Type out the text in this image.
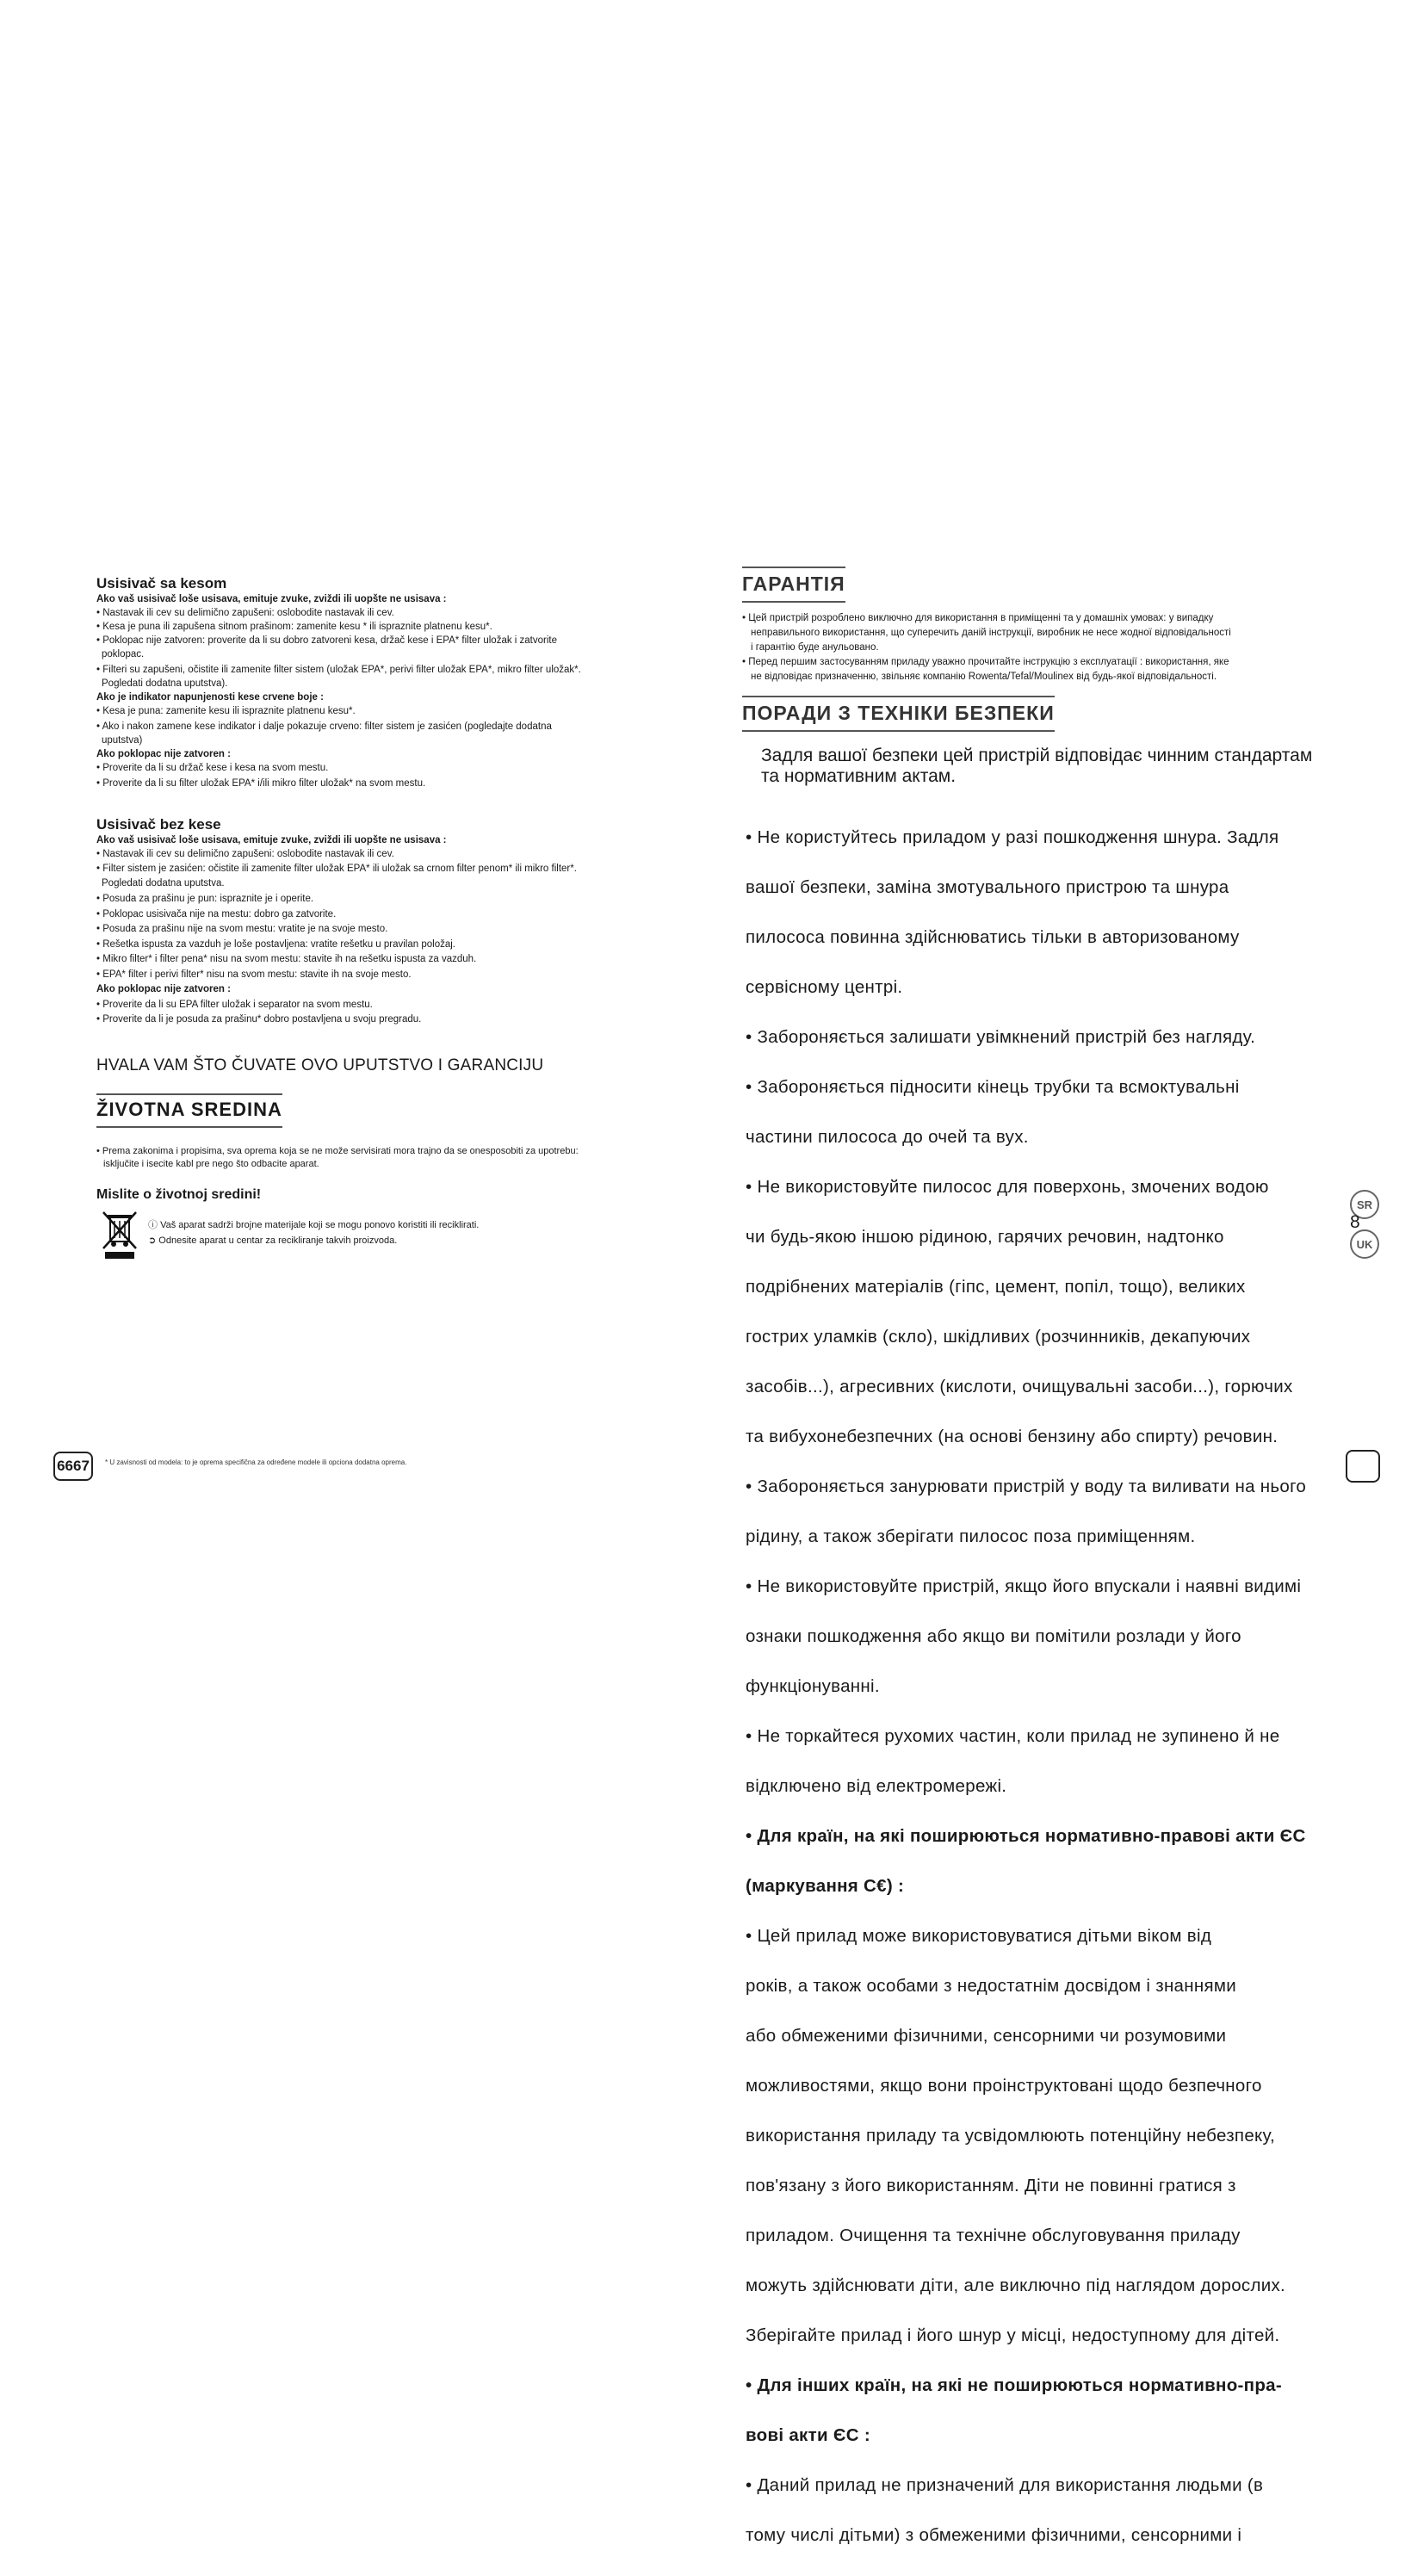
Usisivač sa kesom
Ako vaš usisivač loše usisava, emituje zvuke, zviždi ili uopšte ne usisava :
• Nastavak ili cev su delimično zapušeni: oslobodite nastavak ili cev.
• Kesa je puna ili zapušena sitnom prašinom: zamenite kesu * ili ispraznite platnenu kesu*.
• Poklopac nije zatvoren: proverite da li su dobro zatvoreni kesa, držač kese i EPA* filter uložak i zatvorite
poklopac.
• Filteri su zapušeni, očistite ili zamenite filter sistem (uložak EPA*, perivi filter uložak EPA*, mikro filter uložak*.
Pogledati dodatna uputstva).
Ako je indikator napunjenosti kese crvene boje :
• Kesa je puna: zamenite kesu ili ispraznite platnenu kesu*.
• Ako i nakon zamene kese indikator i dalje pokazuje crveno: filter sistem je zasićen (pogledajte dodatna
uputstva)
Ako poklopac nije zatvoren :
• Proverite da li su držač kese i kesa na svom mestu.
• Proverite da li su filter uložak EPA* i/ili mikro filter uložak* na svom mestu.
Usisivač bez kese
Ako vaš usisivač loše usisava, emituje zvuke, zviždi ili uopšte ne usisava :
• Nastavak ili cev su delimično zapušeni: oslobodite nastavak ili cev.
• Filter sistem je zasićen: očistite ili zamenite filter uložak EPA* ili uložak sa crnom filter penom* ili mikro filter*.
Pogledati dodatna uputstva.
• Posuda za prašinu je pun: ispraznite je i operite.
• Poklopac usisivača nije na mestu: dobro ga zatvorite.
• Posuda za prašinu nije na svom mestu: vratite je na svoje mesto.
• Rešetka ispusta za vazduh je loše postavljena: vratite rešetku u pravilan položaj.
• Mikro filter* i filter pena* nisu na svom mestu: stavite ih na rešetku ispusta za vazduh.
• EPA* filter i perivi filter* nisu na svom mestu: stavite ih na svoje mesto.
Ako poklopac nije zatvoren :
• Proverite da li su EPA filter uložak i separator na svom mestu.
• Proverite da li je posuda za prašinu* dobro postavljena u svoju pregradu.
HVALA VAM ŠTO ČUVATE OVO UPUTSTVO I GARANCIJU
ŽIVOTNA SREDINA
• Prema zakonima i propisima, sva oprema koja se ne može servisirati mora trajno da se onesposobiti za upotrebu:
isključite i isecite kabl pre nego što odbacite aparat.
Mislite o životnoj sredini!
ⓘ Vaš aparat sadrži brojne materijale koji se mogu ponovo koristiti ili reciklirati.
➲ Odnesite aparat u centar za recikliranje takvih proizvoda.
6667	* U zavisnosti od modela: to je oprema specifična za određene modele ili opciona dodatna oprema.
ГАРАНТІЯ
• Цей пристрій розроблено виключно для використання в приміщенні та у домашніх умовах: у випадку
неправильного використання, що суперечить даній інструкції, виробник не несе жодної відповідальності
і гарантію буде анульовано.
• Перед першим застосуванням приладу уважно прочитайте інструкцію з експлуатації : використання, яке
не відповідає призначенню, звільняє компанію Rowenta/Tefal/Moulinex від будь-якої відповідальності.
ПОРАДИ З ТЕХНІКИ БЕЗПЕКИ
Задля вашої безпеки цей пристрій відповідає чинним стандартам
та нормативним актам.

• Не користуйтесь приладом у разі пошкодження шнура. Задля

вашої безпеки, заміна змотувального пристрою та шнура

пилососа повинна здійснюватись тільки в авторизованому

сервісному центрі.

• Забороняється залишати увімкнений пристрій без нагляду.

• Забороняється підносити кінець трубки та всмоктувальні

частини пилососа до очей та вух.

• Не використовуйте пилосос для поверхонь, змочених водою

чи будь-якою іншою рідиною, гарячих речовин, надтонко

подрібнених матеріалів (гіпс, цемент, попіл, тощо), великих

гострих уламків (скло), шкідливих (розчинників, декапуючих

засобів...), агресивних (кислоти, очищувальні засоби...), горючих

та вибухонебезпечних (на основі бензину або спирту) речовин.

• Забороняється занурювати пристрій у воду та виливати на нього

рідину, а також зберігати пилосос поза приміщенням.

• Не використовуйте пристрій, якщо його впускали і наявні видимі

ознаки пошкодження або якщо ви помітили розлади у його

функціонуванні.

• Не торкайтеся рухомих частин, коли прилад не зупинено й не

відключено від електромережі.

• Для країн, на які поширюються нормативно-правові акти ЄС

(маркування C€) :

• Цей прилад може використовуватися дітьми віком від

років, а також особами з недостатнім досвідом і знаннями

або обмеженими фізичними, сенсорними чи розумовими

можливостями, якщо вони проінструктовані щодо безпечного

використання приладу та усвідомлюють потенційну небезпеку,

пов'язану з його використанням. Діти не повинні гратися з

приладом. Очищення та технічне обслуговування приладу

можуть здійснювати діти, але виключно під наглядом дорослих.

Зберігайте прилад і його шнур у місці, недоступному для дітей.

• Для інших країн, на які не поширюються нормативно-пра-

вові акти ЄС :

• Даний прилад не призначений для використання людьми (в

тому числі дітьми) з обмеженими фізичними, сенсорними і

SR
UK
8
